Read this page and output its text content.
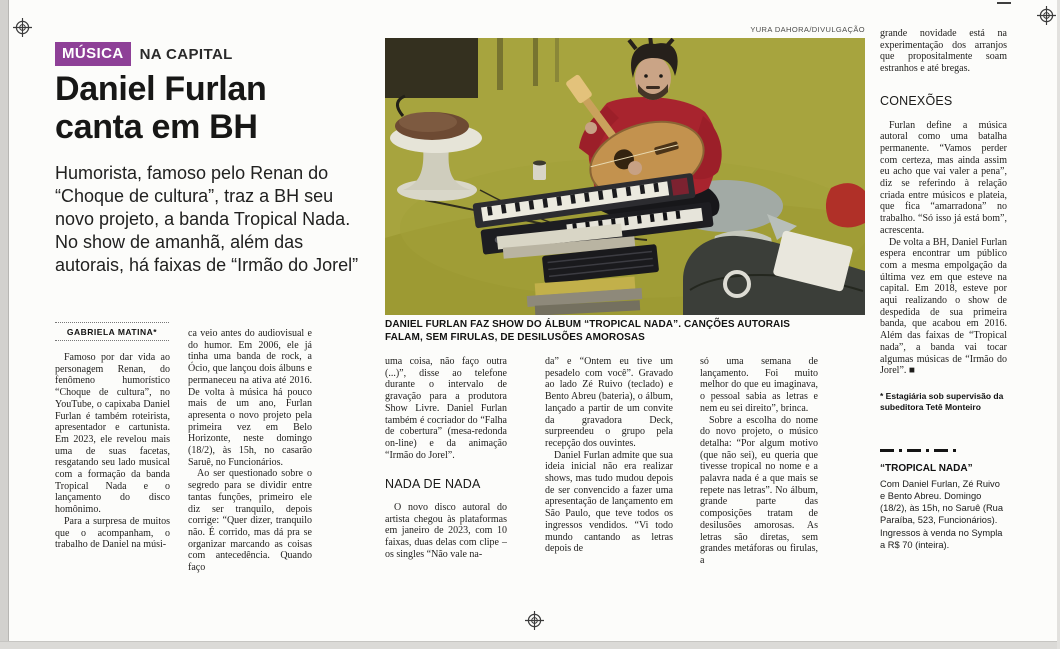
MÚSICA	NA CAPITAL
Daniel Furlan
canta em BH
Humorista, famoso pelo Renan do “Choque de cultura”, traz a BH seu novo projeto, a banda Tropical Nada. No show de amanhã, além das autorais, há faixas de “Irmão do Jorel”
GABRIELA MATINA*
YURA DAHORA/DIVULGAÇÃO
DANIEL FURLAN FAZ SHOW DO ÁLBUM “TROPICAL NADA”. CANÇÕES AUTORAIS FALAM, SEM FIRULAS, DE DESILUSÕES AMOROSAS

Famoso por dar vida ao personagem Renan, do fenômeno humorístico “Choque de cultura”, no YouTube, o capixaba Daniel Furlan é também roteirista, apresentador e cartunista. Em 2023, ele revelou mais uma de suas facetas, resgatando seu lado musical com a formação da banda Tropical Nada e o lançamento do disco homônimo.

Para a surpresa de muitos que o acompanham, o trabalho de Daniel na músi-

ca veio antes do audiovisual e do humor. Em 2006, ele já tinha uma banda de rock, a Ócio, que lançou dois álbuns e permaneceu na ativa até 2016. De volta à música há pouco mais de um ano, Furlan apresenta o novo projeto pela primeira vez em Belo Horizonte, neste domingo (18/2), às 15h, no casarão Saruê, no Funcionários.

Ao ser questionado sobre o segredo para se dividir entre tantas funções, primeiro ele diz ser tranquilo, depois corrige: “Quer dizer, tranquilo não. É corrido, mas dá pra se organizar marcando as coisas com antecedência. Quando faço

uma coisa, não faço outra (...)”, disse ao telefone durante o intervalo de gravação para a produtora Show Livre. Daniel Furlan também é cocriador do “Falha de cobertura” (mesa-redonda on-line) e da animação “Irmão do Jorel”.

NADA DE NADA

O novo disco autoral do artista chegou às plataformas em janeiro de 2023, com 10 faixas, duas delas com clipe – os singles “Não vale na-

da” e “Ontem eu tive um pesadelo com você”. Gravado ao lado Zé Ruivo (teclado) e Bento Abreu (bateria), o álbum, lançado a partir de um convite da gravadora Deck, surpreendeu o grupo pela recepção dos ouvintes.

Daniel Furlan admite que sua ideia inicial não era realizar shows, mas tudo mudou depois de ser convencido a fazer uma apresentação de lançamento em São Paulo, que teve todos os ingressos vendidos. “Vi todo mundo cantando as letras depois de

só uma semana de lançamento. Foi muito melhor do que eu imaginava, o pessoal sabia as letras e nem eu sei direito”, brinca.

Sobre a escolha do nome do novo projeto, o músico detalha: “Por algum motivo (que não sei), eu queria que tivesse tropical no nome e a palavra nada é a que mais se repete nas letras”. No álbum, grande parte das composições tratam de desilusões amorosas. As letras são diretas, sem grandes metáforas ou firulas, a

grande novidade está na experimentação dos arranjos que propositalmente soam estranhos e até bregas.

CONEXÕES

Furlan define a música autoral como uma batalha permanente. “Vamos perder com certeza, mas ainda assim eu acho que vai valer a pena”, diz se referindo à relação criada entre músicos e plateia, que fica “amarradona” no trabalho. “Só isso já está bom”, acrescenta.

De volta a BH, Daniel Furlan espera encontrar um público com a mesma empolgação da última vez em que esteve na capital. Em 2018, esteve por aqui realizando o show de despedida de sua primeira banda, que acabou em 2016. Além das faixas de “Tropical nada”, a banda vai tocar algumas músicas de “Irmão do Jorel”. ■

* Estagiária sob supervisão da subeditora Tetê Monteiro

“TROPICAL NADA”

Com Daniel Furlan, Zé Ruivo e Bento Abreu. Domingo (18/2), às 15h, no Saruê (Rua Paraíba, 523, Funcionários). Ingressos à venda no Sympla a R$ 70 (inteira).
